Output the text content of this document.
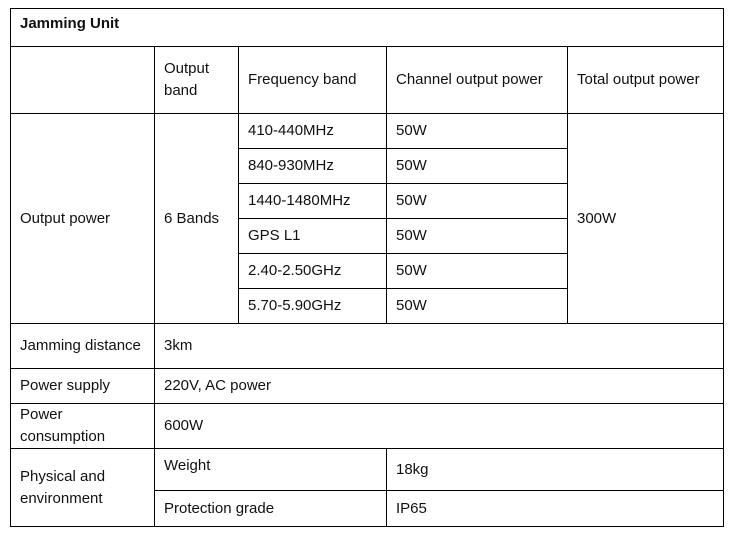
Jamming Unit				
	Output band	Frequency band	Channel output power	Total output power
Output power	6 Bands	410-440MHz	50W	300W
		840-930MHz	50W	
		1440-1480MHz	50W	
		GPS L1	50W	
		2.40-2.50GHz	50W	
		5.70-5.90GHz	50W	
Jamming distance	3km			
Power supply	220V, AC power			
Power consumption	600W			
Physical and environment	Weight		18kg	
	Protection grade		IP65	
